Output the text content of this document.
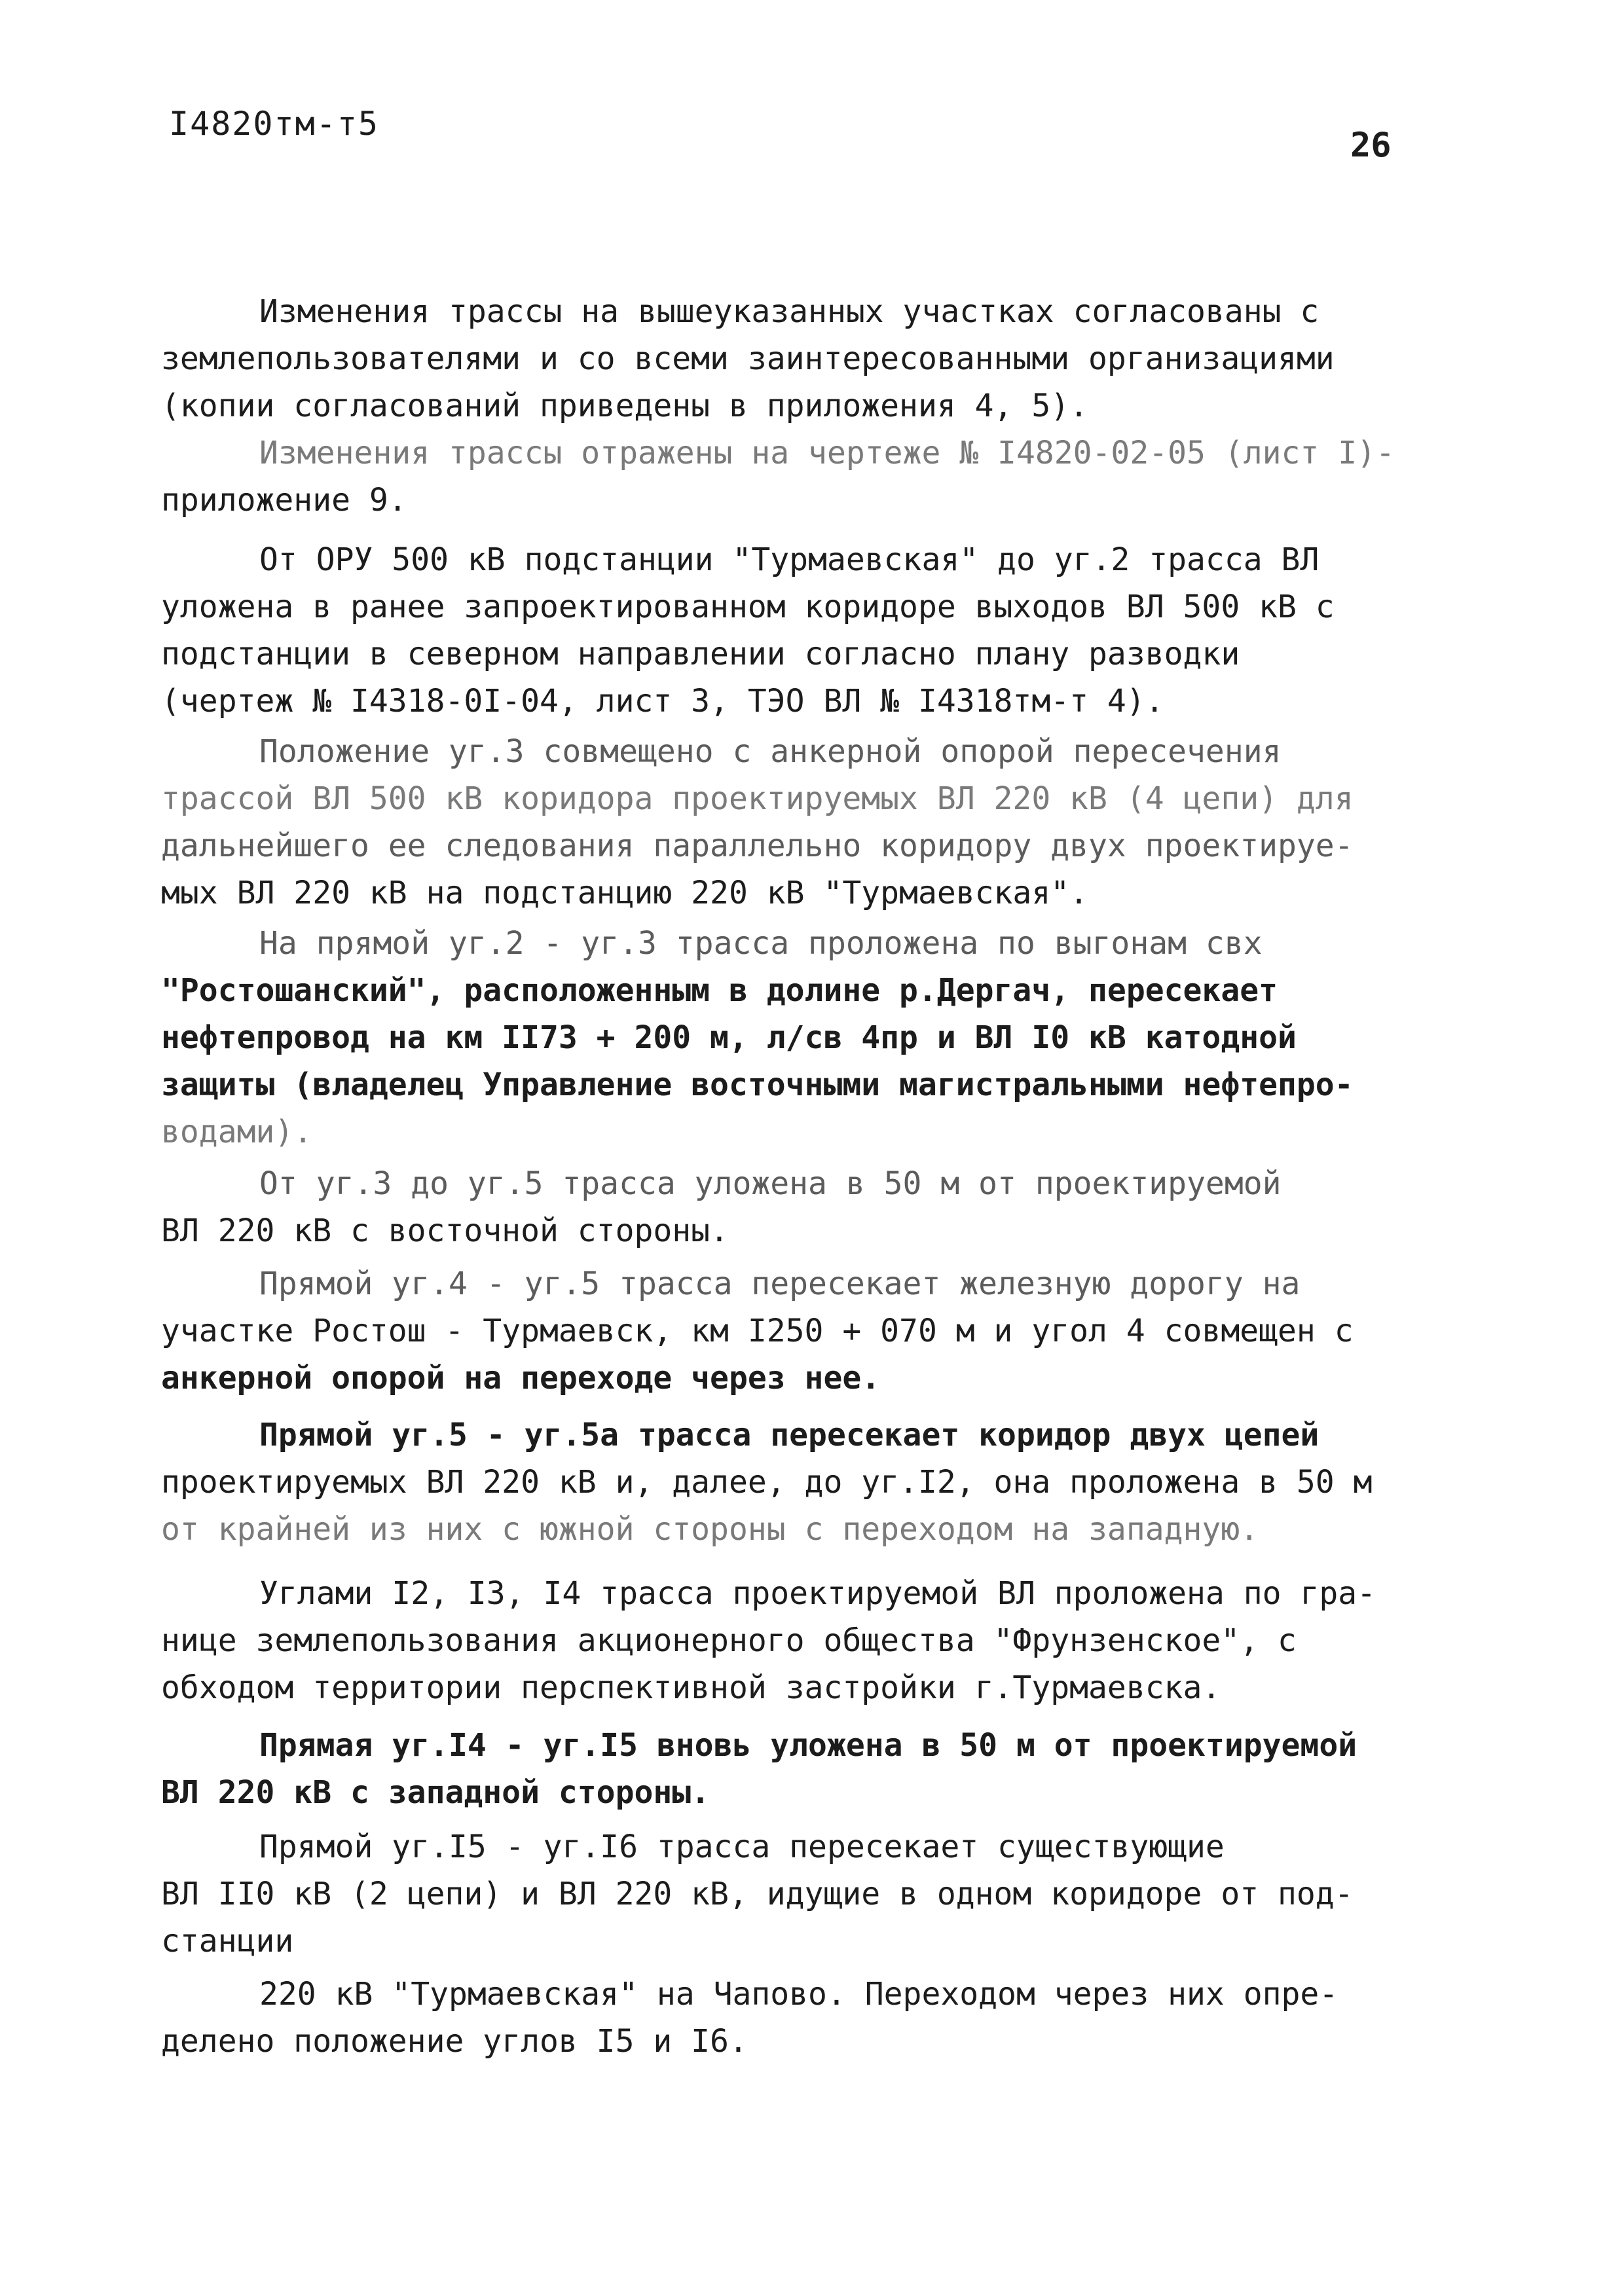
I4820тм-т5
26
Изменения трассы на вышеуказанных участках согласованы с
землепользователями и со всеми заинтересованными организациями
(копии согласований приведены в приложения 4, 5).
Изменения трассы отражены на чертеже № I4820-02-05 (лист I)-
приложение 9.
От ОРУ 500 кВ подстанции "Турмаевская" до уг.2 трасса ВЛ
уложена в ранее запроектированном коридоре выходов ВЛ 500 кВ с
подстанции в северном направлении согласно плану разводки
(чертеж № I4318-0I-04, лист 3, ТЭО ВЛ № I4318тм-т 4).
Положение уг.3 совмещено с анкерной опорой пересечения
трассой ВЛ 500 кВ коридора проектируемых ВЛ 220 кВ (4 цепи) для
дальнейшего ее следования параллельно коридору двух проектируе-
мых ВЛ 220 кВ на подстанцию 220 кВ "Турмаевская".
На прямой уг.2 - уг.3 трасса проложена по выгонам свх
"Ростошанский", расположенным в долине р.Дергач, пересекает
нефтепровод на км II73 + 200 м, л/св 4пр и ВЛ I0 кВ катодной
защиты (владелец Управление восточными магистральными нефтепро-
водами).
От уг.3 до уг.5 трасса уложена в 50 м от проектируемой
ВЛ 220 кВ с восточной стороны.
Прямой уг.4 - уг.5 трасса пересекает железную дорогу на
участке Ростош - Турмаевск, км I250 + 070 м и угол 4 совмещен с
анкерной опорой на переходе через нее.
Прямой уг.5 - уг.5а трасса пересекает коридор двух цепей
проектируемых ВЛ 220 кВ и, далее, до уг.I2, она проложена в 50 м
от крайней из них с южной стороны с переходом на западную.
Углами I2, I3, I4 трасса проектируемой ВЛ проложена по гра-
нице землепользования акционерного общества "Фрунзенское", с
обходом территории перспективной застройки г.Турмаевска.
Прямая уг.I4 - уг.I5 вновь уложена в 50 м от проектируемой
ВЛ 220 кВ с западной стороны.
Прямой уг.I5 - уг.I6 трасса пересекает существующие
ВЛ II0 кВ (2 цепи) и ВЛ 220 кВ, идущие в одном коридоре от под-
станции
220 кВ "Турмаевская" на Чапово. Переходом через них опре-
делено положение углов I5 и I6.
